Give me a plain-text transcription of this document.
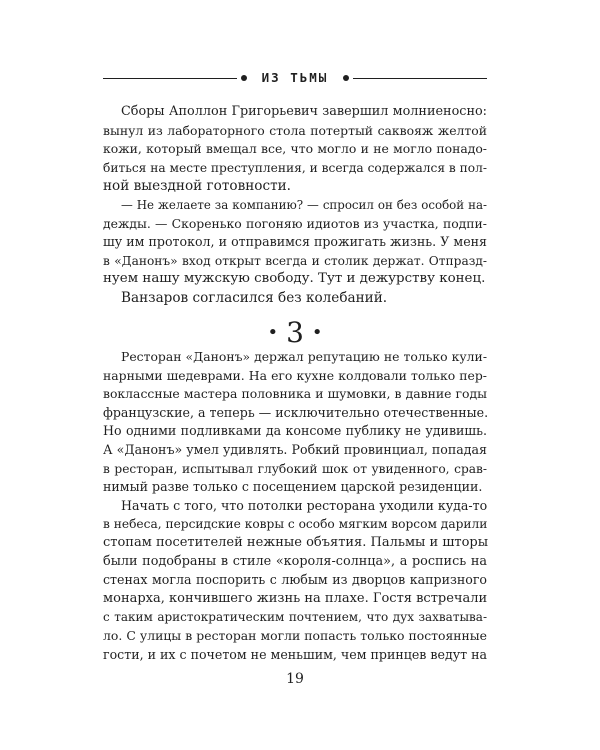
ИЗ ТЬМЫ
Сборы Аполлон Григорьевич завершил молниеносно:
вынул из лабораторного стола потертый саквояж желтой
кожи, который вмещал все, что могло и не могло понадо-
биться на месте преступления, и всегда содержался в пол-
ной выездной готовности.
— Не желаете за компанию? — спросил он без особой на-
дежды. — Скоренько погоняю идиотов из участка, подпи-
шу им протокол, и отправимся прожигать жизнь. У меня
в «Данонъ» вход открыт всегда и столик держат. Отпразд-
нуем нашу мужскую свободу. Тут и дежурству конец.
Ванзаров согласился без колебаний.
• 3 •
Ресторан «Данонъ» держал репутацию не только кули-
нарными шедеврами. На его кухне колдовали только пер-
воклассные мастера половника и шумовки, в давние годы
французские, а теперь — исключительно отечественные.
Но одними подливками да консоме публику не удивишь.
А «Данонъ» умел удивлять. Робкий провинциал, попадая
в ресторан, испытывал глубокий шок от увиденного, срав-
нимый разве только с посещением царской резиденции.
Начать с того, что потолки ресторана уходили куда-то
в небеса, персидские ковры с особо мягким ворсом дарили
стопам посетителей нежные объятия. Пальмы и шторы
были подобраны в стиле «короля-солнца», а роспись на
стенах могла поспорить с любым из дворцов капризного
монарха, кончившего жизнь на плахе. Гостя встречали
с таким аристократическим почтением, что дух захватыва-
ло. С улицы в ресторан могли попасть только постоянные
гости, и их с почетом не меньшим, чем принцев ведут на
19
